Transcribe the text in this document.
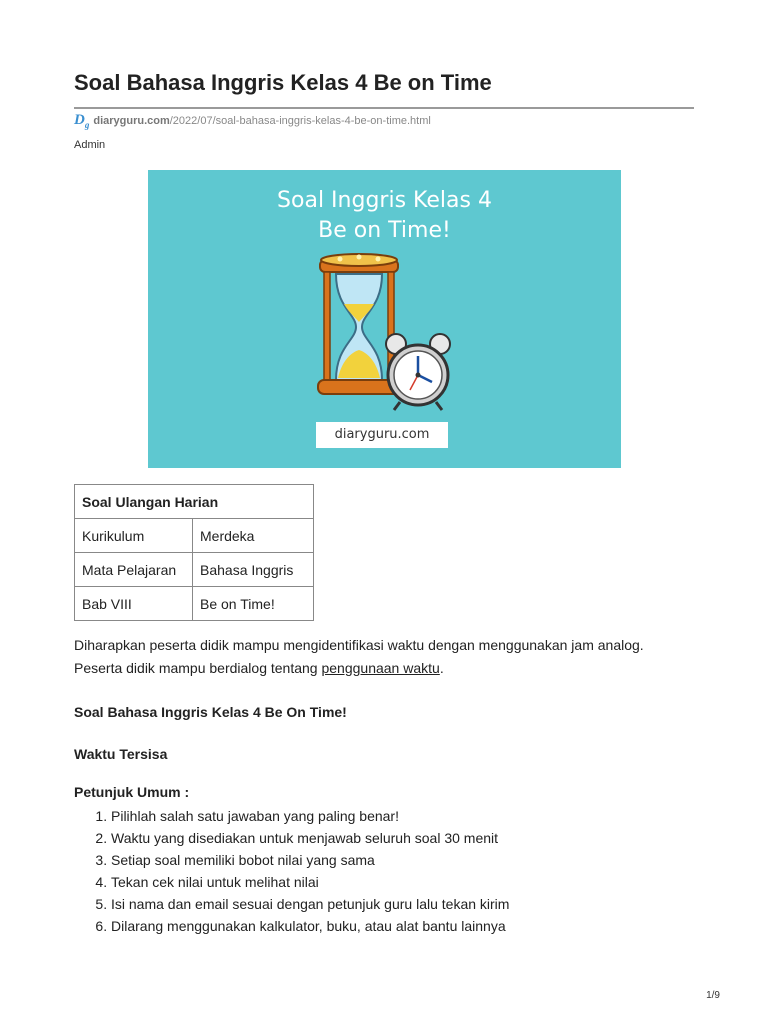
Soal Bahasa Inggris Kelas 4 Be on Time
$D_g$ diaryguru.com /2022/07/soal-bahasa-inggris-kelas-4-be-on-time.html
Admin
Soal Inggris Kelas 4
Be on Time!
diaryguru.com
Soal Ulangan Harian	
Kurikulum	Merdeka
Mata Pelajaran	Bahasa Inggris
Bab VIII	Be on Time!

Diharapkan peserta didik mampu mengidentifikasi waktu dengan menggunakan jam analog. Peserta didik mampu berdialog tentang penggunaan waktu.

Soal Bahasa Inggris Kelas 4 Be On Time!

Waktu Tersisa

Petunjuk Umum :

1. Pilihlah salah satu jawaban yang paling benar!
2. Waktu yang disediakan untuk menjawab seluruh soal 30 menit
3. Setiap soal memiliki bobot nilai yang sama
4. Tekan cek nilai untuk melihat nilai
5. Isi nama dan email sesuai dengan petunjuk guru lalu tekan kirim
6. Dilarang menggunakan kalkulator, buku, atau alat bantu lainnya
1/9
